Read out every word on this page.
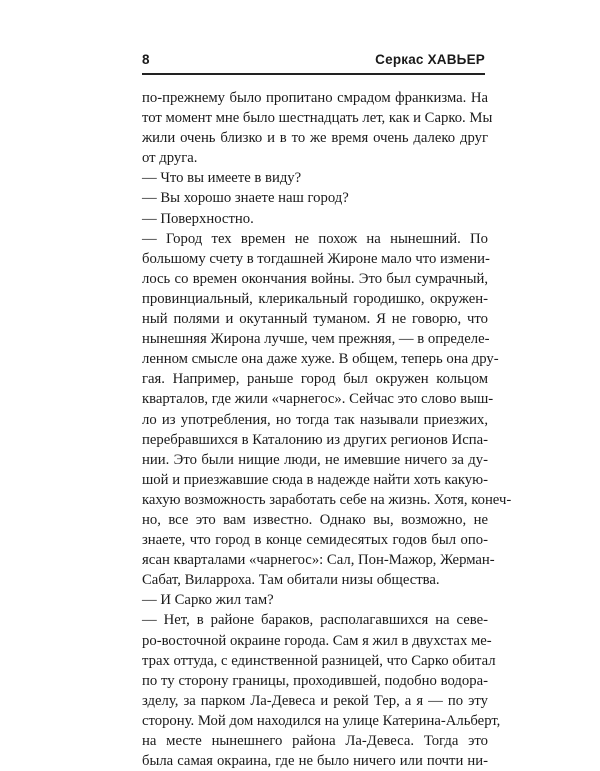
8	Серкас ХАВЬЕР
по-прежнему было пропитано смрадом франкизма. На
тот момент мне было шестнадцать лет, как и Сарко. Мы
жили очень близко и в то же время очень далеко друг
от друга.
— Что вы имеете в виду?
— Вы хорошо знаете наш город?
— Поверхностно.
— Город тех времен не похож на нынешний. По
большому счету в тогдашней Жироне мало что измени-
лось со времен окончания войны. Это был сумрачный,
провинциальный, клерикальный городишко, окружен-
ный полями и окутанный туманом. Я не говорю, что
нынешняя Жирона лучше, чем прежняя, — в определе-
ленном смысле она даже хуже. В общем, теперь она дру-
гая. Например, раньше город был окружен кольцом
кварталов, где жили «чарнегос». Сейчас это слово выш-
ло из употребления, но тогда так называли приезжих,
перебравшихся в Каталонию из других регионов Испа-
нии. Это были нищие люди, не имевшие ничего за ду-
шой и приезжавшие сюда в надежде найти хоть какую-
кахую возможность заработать себе на жизнь. Хотя, конеч-
но, все это вам известно. Однако вы, возможно, не
знаете, что город в конце семидесятых годов был опо-
ясан кварталами «чарнегос»: Сал, Пон-Мажор, Жерман-
Сабат, Виларроха. Там обитали низы общества.
— И Сарко жил там?
— Нет, в районе бараков, располагавшихся на севе-
ро-восточной окраине города. Сам я жил в двухстах ме-
трах оттуда, с единственной разницей, что Сарко обитал
по ту сторону границы, проходившей, подобно водора-
зделу, за парком Ла-Девеса и рекой Тер, а я — по эту
сторону. Мой дом находился на улице Катерина-Альберт,
на месте нынешнего района Ла-Девеса. Тогда это
была самая окраина, где не было ничего или почти ни-
